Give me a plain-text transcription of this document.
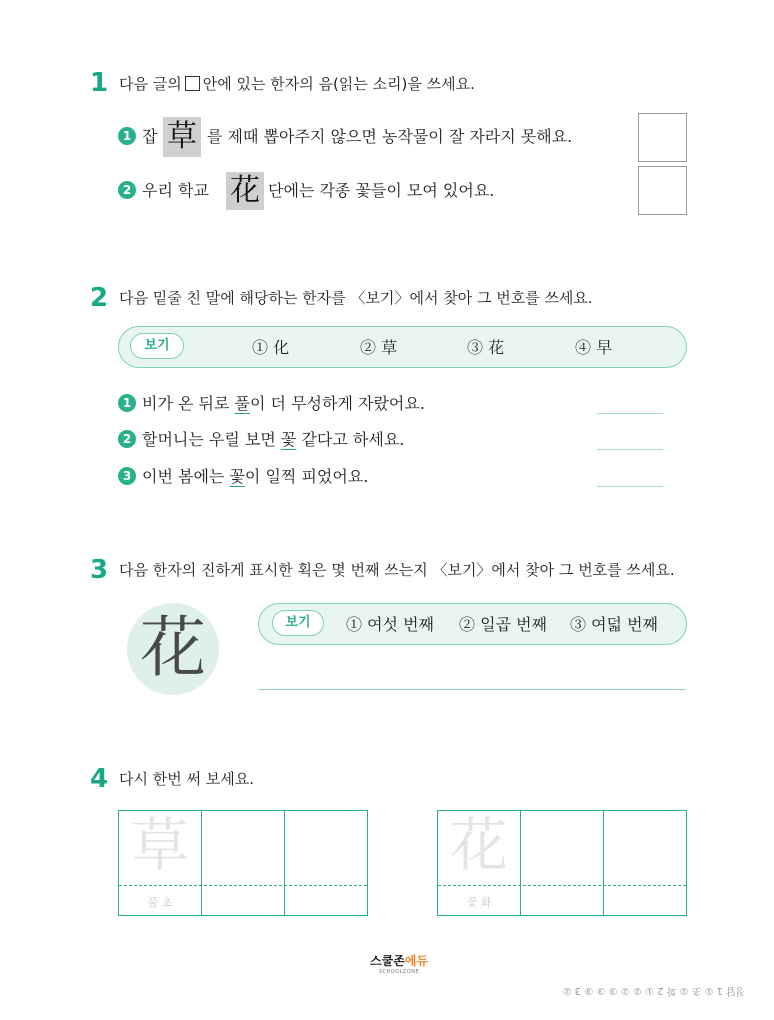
1 다음 글의 안에 있는 한자의 음(읽는 소리)을 쓰세요.
1 잡 草 를 제때 뽑아주지 않으면 농작물이 잘 자라지 못해요.
2 우리 학교 花 단에는 각종 꽃들이 모여 있어요.
2 다음 밑줄 친 말에 해당하는 한자를 〈보기〉에서 찾아 그 번호를 쓰세요.
보기	① 化	② 草	③ 花	④ 早
1 비가 온 뒤로 풀이 더 무성하게 자랐어요.
2 할머니는 우릴 보면 꽃 같다고 하세요.
3 이번 봄에는 꽃이 일찍 피었어요.
3 다음 한자의 진하게 표시한 획은 몇 번째 쓰는지 〈보기〉에서 찾아 그 번호를 쓰세요.
花	보기	① 여섯 번째 ② 일곱 번째 ③ 여덟 번째
4 다시 한번 써 보세요.
草
풀 초
花
꽃 화
스쿨존에듀
SCHOOLZONE
정답 1 ① 초 ② 화 2 ① ② ② ③ ③ ③ 3 ②
